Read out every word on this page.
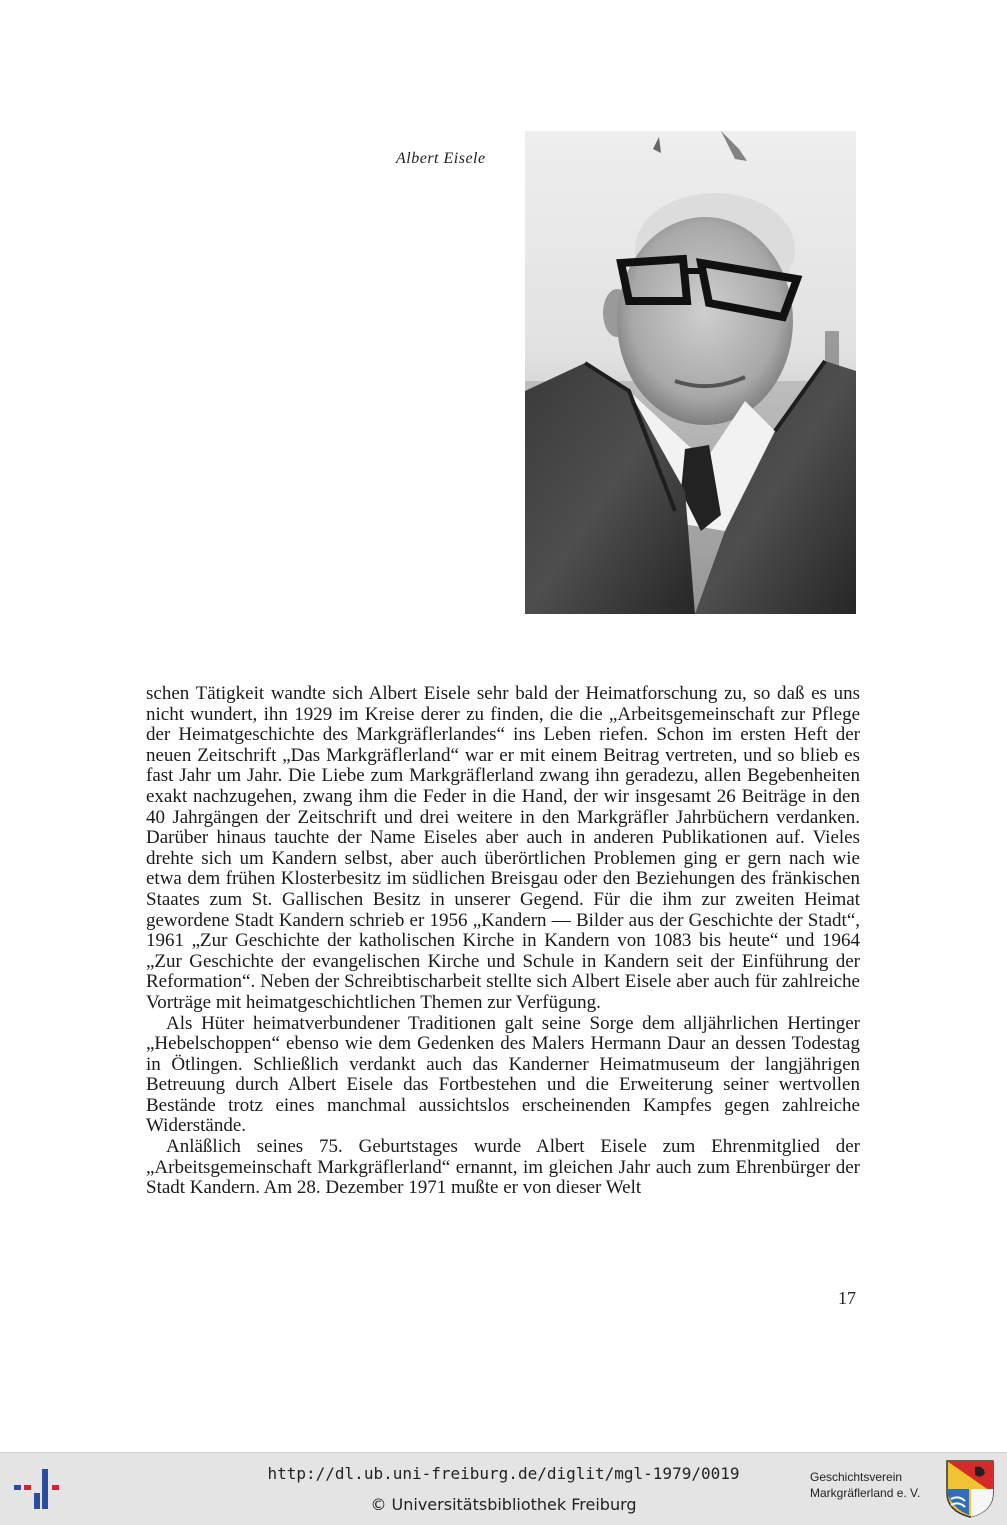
Albert Eisele

schen Tätigkeit wandte sich Albert Eisele sehr bald der Heimatforschung zu, so daß es uns nicht wundert, ihn 1929 im Kreise derer zu finden, die die „Arbeitsgemeinschaft zur Pflege der Heimatgeschichte des Markgräflerlandes“ ins Leben riefen. Schon im ersten Heft der neuen Zeitschrift „Das Markgräflerland“ war er mit einem Beitrag vertreten, und so blieb es fast Jahr um Jahr. Die Liebe zum Markgräflerland zwang ihn geradezu, allen Begebenheiten exakt nachzugehen, zwang ihm die Feder in die Hand, der wir insgesamt 26 Beiträge in den 40 Jahrgängen der Zeitschrift und drei weitere in den Markgräfler Jahrbüchern verdanken. Darüber hinaus tauchte der Name Eiseles aber auch in anderen Publikationen auf. Vieles drehte sich um Kandern selbst, aber auch überörtlichen Problemen ging er gern nach wie etwa dem frühen Klosterbesitz im südlichen Breisgau oder den Beziehungen des fränkischen Staates zum St. Gallischen Besitz in unserer Gegend. Für die ihm zur zweiten Heimat gewordene Stadt Kandern schrieb er 1956 „Kandern — Bilder aus der Geschichte der Stadt“, 1961 „Zur Geschichte der katholischen Kirche in Kandern von 1083 bis heute“ und 1964 „Zur Geschichte der evangelischen Kirche und Schule in Kandern seit der Einführung der Reformation“. Neben der Schreibtischarbeit stellte sich Albert Eisele aber auch für zahlreiche Vorträge mit heimatgeschichtlichen Themen zur Verfügung.

Als Hüter heimatverbundener Traditionen galt seine Sorge dem alljährlichen Hertinger „Hebelschoppen“ ebenso wie dem Gedenken des Malers Hermann Daur an dessen Todestag in Ötlingen. Schließlich verdankt auch das Kanderner Heimatmuseum der langjährigen Betreuung durch Albert Eisele das Fortbestehen und die Erweiterung seiner wertvollen Bestände trotz eines manchmal aussichtslos erscheinenden Kampfes gegen zahlreiche Widerstände.

Anläßlich seines 75. Geburtstages wurde Albert Eisele zum Ehrenmitglied der „Arbeitsgemeinschaft Markgräflerland“ ernannt, im gleichen Jahr auch zum Ehrenbürger der Stadt Kandern. Am 28. Dezember 1971 mußte er von dieser Welt

17
http://dl.ub.uni-freiburg.de/diglit/mgl-1979/0019
© Universitätsbibliothek Freiburg
Geschichtsverein
Markgräflerland e. V.
